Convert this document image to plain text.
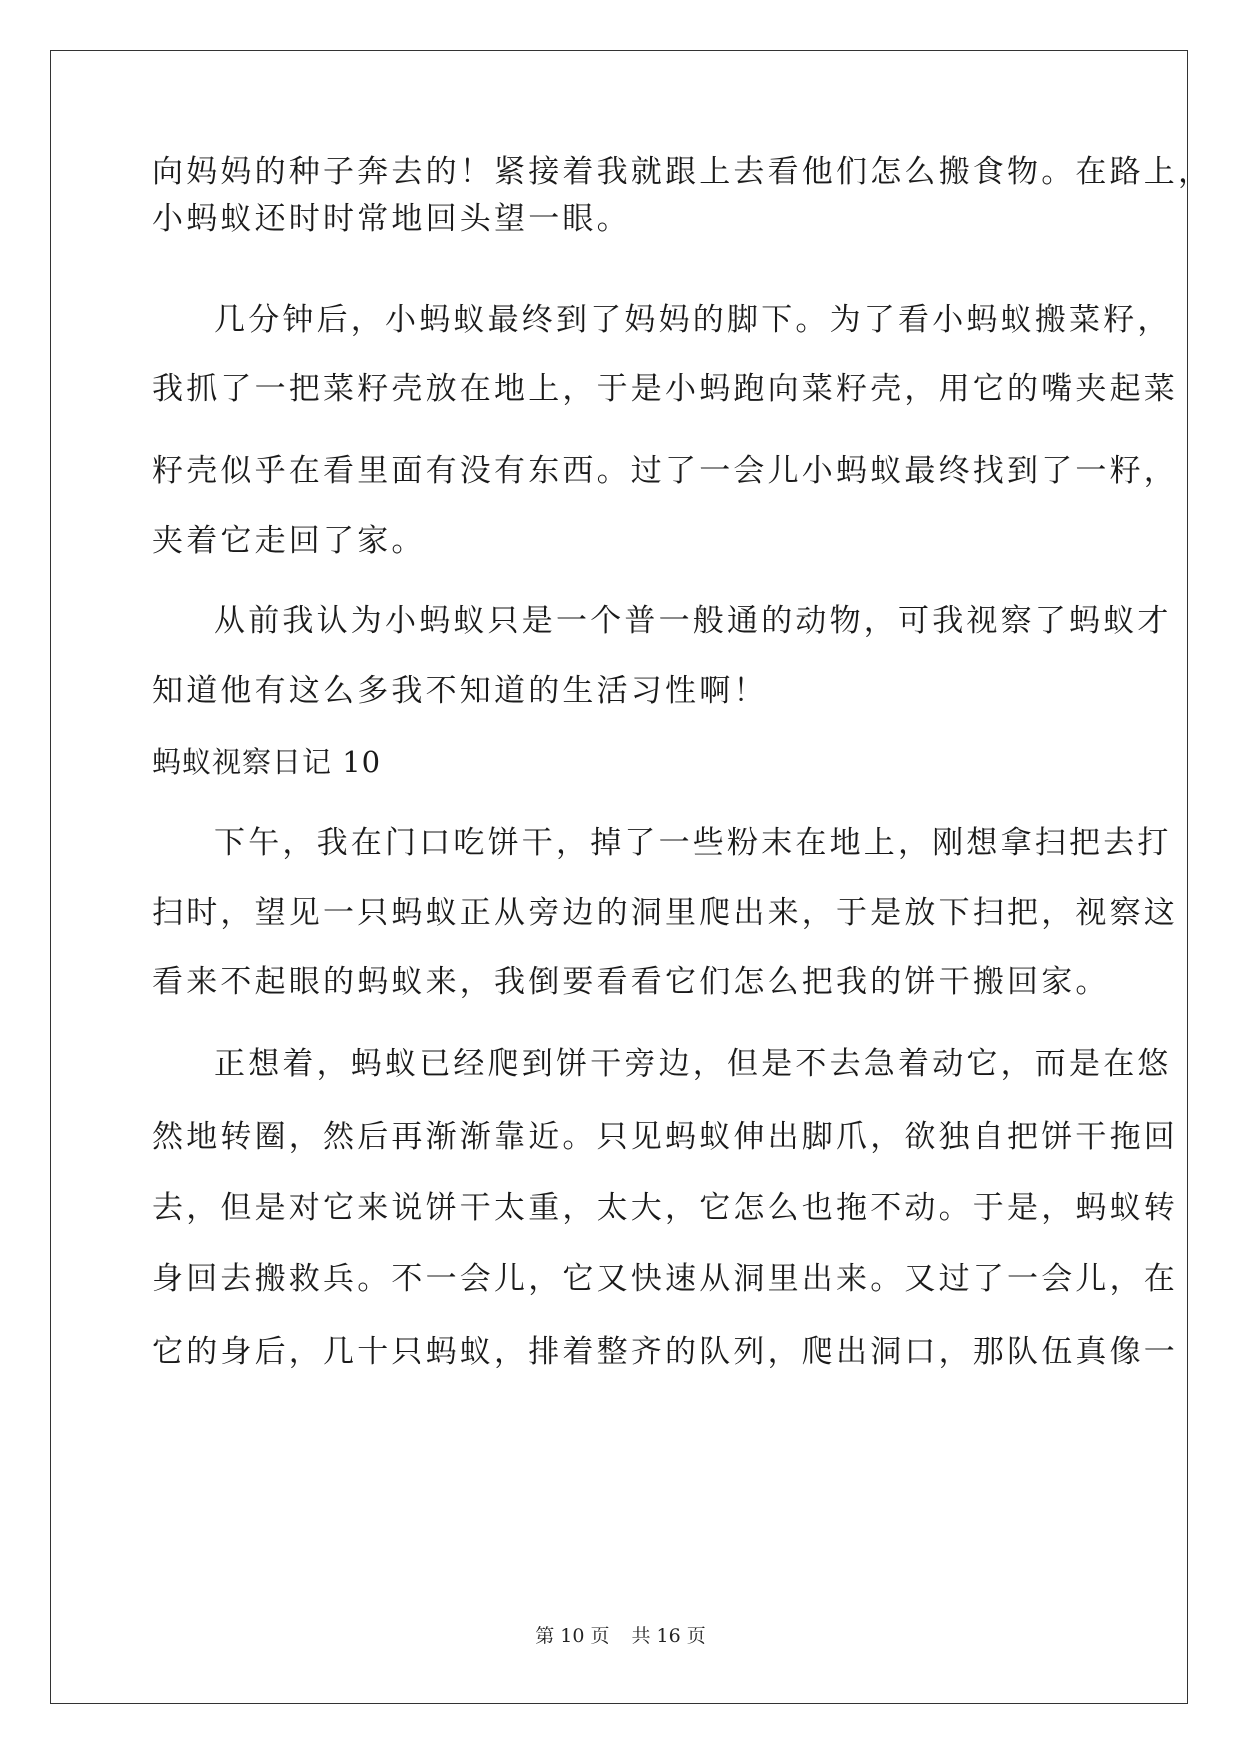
向妈妈的种子奔去的！紧接着我就跟上去看他们怎么搬食物。在路上，
小蚂蚁还时时常地回头望一眼。
几分钟后，小蚂蚁最终到了妈妈的脚下。为了看小蚂蚁搬菜籽，
我抓了一把菜籽壳放在地上，于是小蚂跑向菜籽壳，用它的嘴夹起菜
籽壳似乎在看里面有没有东西。过了一会儿小蚂蚁最终找到了一籽，
夹着它走回了家。
从前我认为小蚂蚁只是一个普一般通的动物，可我视察了蚂蚁才
知道他有这么多我不知道的生活习性啊！
蚂蚁视察日记 10
下午，我在门口吃饼干，掉了一些粉末在地上，刚想拿扫把去打
扫时，望见一只蚂蚁正从旁边的洞里爬出来，于是放下扫把，视察这
看来不起眼的蚂蚁来，我倒要看看它们怎么把我的饼干搬回家。
正想着，蚂蚁已经爬到饼干旁边，但是不去急着动它，而是在悠
然地转圈，然后再渐渐靠近。只见蚂蚁伸出脚爪，欲独自把饼干拖回
去，但是对它来说饼干太重，太大，它怎么也拖不动。于是，蚂蚁转
身回去搬救兵。不一会儿，它又快速从洞里出来。又过了一会儿，在
它的身后，几十只蚂蚁，排着整齐的队列，爬出洞口，那队伍真像一
第 10 页 共 16 页
